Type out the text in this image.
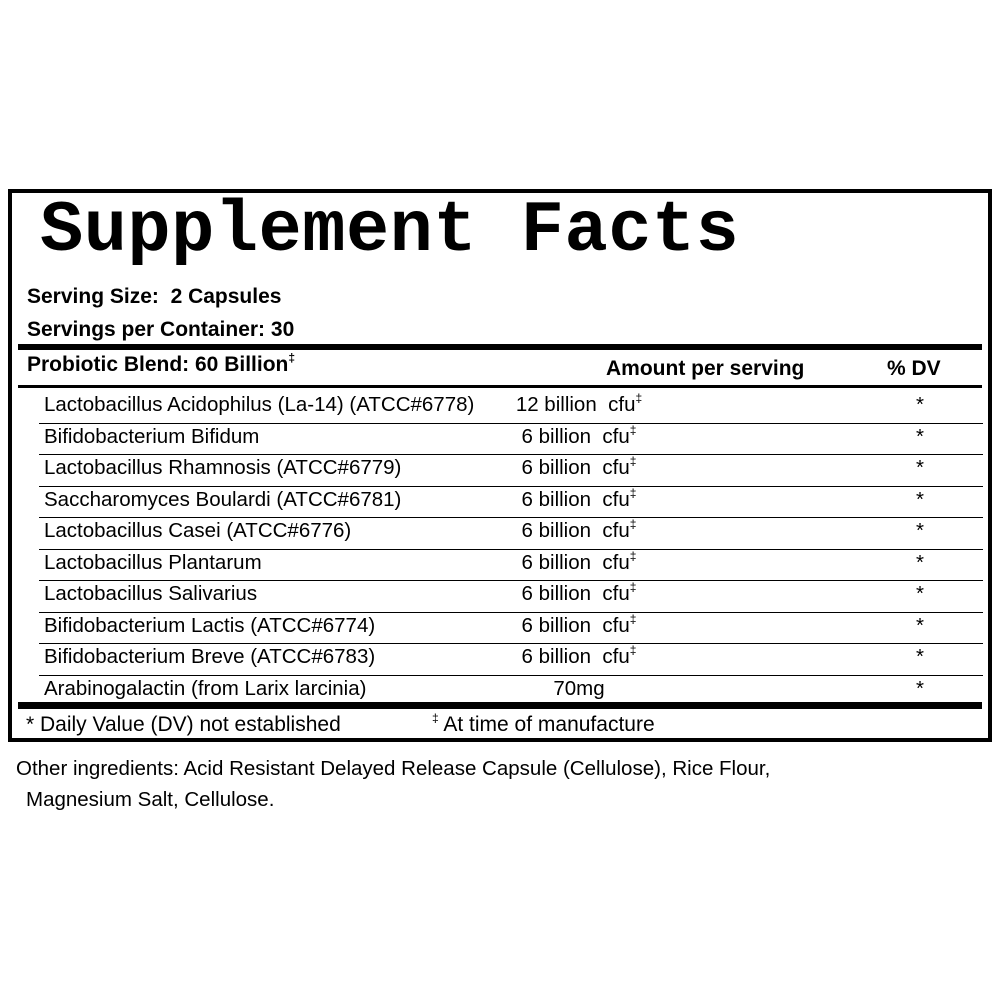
Supplement Facts
Serving Size: 2 Capsules
Servings per Container: 30
Probiotic Blend: 60 Billion‡	Amount per serving	% DV
Lactobacillus Acidophilus (La-14) (ATCC#6778)	12 billion  cfu‡	*
Bifidobacterium Bifidum	6 billion  cfu‡	*
Lactobacillus Rhamnosis (ATCC#6779)	6 billion  cfu‡	*
Saccharomyces Boulardi (ATCC#6781)	6 billion  cfu‡	*
Lactobacillus Casei (ATCC#6776)	6 billion  cfu‡	*
Lactobacillus Plantarum	6 billion  cfu‡	*
Lactobacillus Salivarius	6 billion  cfu‡	*
Bifidobacterium Lactis (ATCC#6774)	6 billion  cfu‡	*
Bifidobacterium Breve (ATCC#6783)	6 billion  cfu‡	*
Arabinogalactin (from Larix larcinia)	70mg	*
* Daily Value (DV) not established	‡ At time of manufacture
Other ingredients: Acid Resistant Delayed Release Capsule (Cellulose), Rice Flour,
Magnesium Salt, Cellulose.
